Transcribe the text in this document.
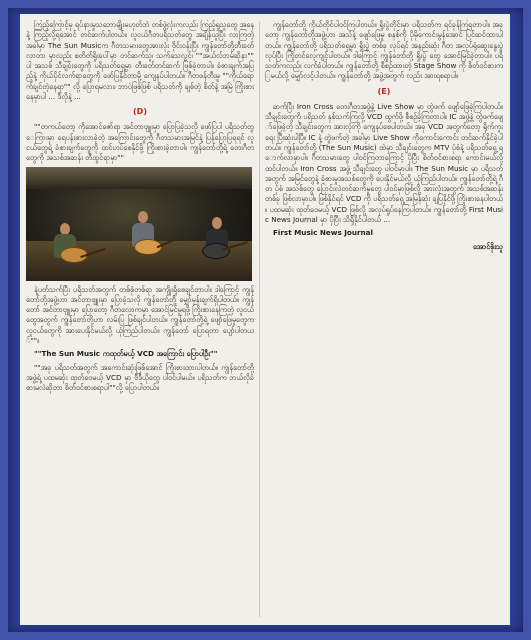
ကြည့်ကြောင့်မှ ရပ်နားမှုသဘောမျိုးမဟုတ်ဘဲ တစ်ဖွဲ့လုံးကလည်း ကြည့်ရှုသူတွေ အနေနဲ့ ကြည့်လို့ရအောင် တင်ဆက်ပါတယ်။ လူငယ်ဂီတပရိသတ်တွေ အချိန်ယူပြီး လာကြတဲ့ အခါမှာ The Sun Musicက ဂီတသမားတွေအားလုံး ဝိုင်းဝန်းပြီး ကျွန်တော်တို့တီးခတ်လာတာ မှာလည်း စတိတ်ရှိုးပေါ်မှာ တင်ဆက်သူ၊ သက်သေလွင်၊ ""အယ်လ်ဘမ်ဆိုနာ"" ပါ အသစ် သီချင်းတွေကို ပရိသတ်ရှေ့မှာ တီးခတ်တင်ဆက် ဖြစ်ခဲ့တာပါ။ ခံစားချက်အပြည့်နဲ့ ကိုယ်ပိုင်လက်ရာတွေကို ဖော်ပြနိုင်တာမို့ ကျေနပ်ပါတယ်။ ဂီတဖန်တီးမှု ""ကိုယ်ရောက်ချင်တဲ့နေရာ"" လို့ ပြောရမလား၊ ဘာပဲဖြစ်ဖြစ် ပရိသတ်ကို ချစ်တဲ့ စိတ်နဲ့ အမြဲ ကြိုးစားနေမှာပါ ... ဒီလိုနဲ့ ...

(D)

""တကယ်တော့ ကိုအောင်ဇော်ရာ အင်တာဗျူးမှာ ပြောပြခဲ့သလို ဖော်ပြပါ ပရိသတ်တွေကြားမှာ ရေပန်းစားလာခဲ့တဲ့ အကြောင်းတွေကို ဂီတသမားအမြင်နဲ့ ပြန်ပြောပြရရင် လူငယ်တွေရဲ့ ခံစားချက်တွေကို ထင်ဟပ်စေနိုင်ဖို့ ကြိုးစားခဲ့တာပါ။ ကျွန်တော်တို့ရဲ့ တေးဂီတတွေကို အသစ်အဆန်း တီထွင်ရာမှာ""

နဲ့ပတ်သက်ပြီး ပရိသတ်အတွက် တစ်စုံတစ်ရာ အကျိုးရှိစေချင်တာပါ။ ဒါကြောင့် ကျွန်တော်တို့အဖွဲ့ဟာ အင်တာဗျူးမှာ ပြောခဲ့သလို ကျွန်တော်တို့ မျှော်မှန်းချက်ရှိပါတယ်။ ကျွန်တော် အင်တာဗျူးမှာ ပြောတော့ ဂီတလောကမှာ အောင်မြင်မှုရဖို့ ကြိုးစားနေကြတဲ့ လူငယ်တွေအတွက် ကျွန်တော်တို့ဟာ လမ်းပြ ဖြစ်ချင်ပါတယ်။ ကျွန်တော်တို့ရဲ့ ဖျော်ဖြေမှုတွေက လူငယ်တွေကို အားပေးနိုင်မယ်လို့ ယုံကြည်ပါတယ်။ ကျွန်တော် ပြောရတာ ပျော်ပါတယ်""။

""The Sun Music ကထုတ်မယ့် VCD အကြောင်း ပြောပါဦး""

""အခု ပရိသတ်အတွက် အကောင်းဆုံးဖြစ်အောင် ကြိုးစားထားပါတယ်။ ကျွန်တော်တို့ အဖွဲ့ရဲ့ ပထမဆုံး ထုတ်ဝေမယ့် VCD မှာ ဗီဒီယိုတွေ ပါဝင်ပါမယ်။ ပရိသတ်က ဘယ်လိုခံစားမလဲဆိုတာ စိတ်ဝင်စားစရာပါ""လို့ ပြောပါတယ်။

ကျွန်တော်တို့ ကိုယ်တိုင်ပါဝင်ကြပါတယ်။ ရှိုးပွဲတိုင်းမှာ ပရိသတ်က ရင်ခုန်ကြရတာပါ။ အခုတော့ ကျွန်တော်တို့အဖွဲ့ဟာ အသံနဲ့ ဖျော်ဖြေမှု စနစ်ကို ပိုမိုကောင်းမွန်အောင် ပြင်ဆင်ထားပါတယ်။ ကျွန်တော်တို့ ပရိသတ်ရှေ့မှာ ရှိုးပွဲ တစ်ခု လုပ်ရင် အနည်းဆုံး ဂီတ အလုပ်ရုံဆွေးနွေးပွဲ လုပ်ပြီး ကြိုတင်လေ့ကျင့်ပါတယ်။ ဒါကြောင့် ကျွန်တော်တို့ ရှိုးပွဲ တွေ အောင်မြင်ခဲ့တာပါ။ ပရိသတ်ကလည်း လက်ခံပါတယ်။ ကျွန်တော်တို့ စီစဉ်ထားတဲ့ Stage Show ကို စိတ်ဝင်စားကြမယ်လို့ မျှော်လင့်ပါတယ်။ ကျွန်တော်တို့ အဖွဲ့အတွက် လည်း အားရစရာပါ။

(E)

ဆက်ပြီး Iron Cross တေးဂီတအဖွဲ့နဲ့ Live Show မှာ တွဲဖက် ဖျော်ဖြေခဲ့ကြပါတယ်။ သီချင်းတွေကို ပရိသတ် နှစ်သက်ကြလို့ VCD ထွက်ဖို့ စီစဉ်ခဲ့ကြတာပါ။ IC အဖွဲ့နဲ့ တွဲဖက်ဖျော်ဖြေခဲ့တဲ့ သီချင်းတွေက အားလုံးကို ကျေနပ်စေပါတယ်။ အခု VCD အတွက်တော့ ရိုက်ကူးရေး ပြီးဆုံးပါပြီ။ IC နဲ့ တွဲဖက်တဲ့ အခါမှာ Live Show ကိုကောင်းကောင်း တင်ဆက်နိုင်ခဲ့ပါတယ်။ ကျွန်တော်တို့ (The Sun Music) ထဲမှာ သီချင်းတွေက MTV ပုံစံနဲ့ ပရိသတ်ရှေ့ ရောက်လာမှာပါ။ ဂီတသမားတွေ ပါဝင်ကြတာကြောင့် ပိုပြီး စိတ်ဝင်စားစရာ ကောင်းမယ်လို့ ထင်ပါတယ်။ Iron Cross အဖွဲ့ သီချင်းတွေ ပါဝင်မှာပါ။ The Sun Music မှာ ပရိသတ်အတွက် အမြင်တွေနဲ့ ခံစားမှုအသစ်တွေကို ပေးနိုင်မယ်လို့ ယုံကြည်ပါတယ်။ ကျွန်တော်တို့ရဲ့ ဂီတ ပုံစံ အသစ်တွေ ပြောင်းလဲတင်ဆက်မှုတွေ ပါဝင်မှာဖြစ်လို့ အားလုံးအတွက် အသစ်အဆန်း တစ်ခု ဖြစ်လာမှာပါ။ ဖြစ်နိုင်ရင် VCD ကို ပရိသတ်ရှေ့ အမြန်ဆုံး ချပြနိုင်ဖို့ ကြိုးစားနေပါတယ်။ ပထမဆုံး ထုတ်ဝေမယ့် VCD ဖြစ်လို့ အလုပ်ရှုပ်နေကြပါတယ်။ ကျွန်တော်တို့ First Music News Journal မှာ ပိုပြီး သိရှိနိုင်ပါတယ် ...

First Music News Journal

အောင်စိုးသူ
